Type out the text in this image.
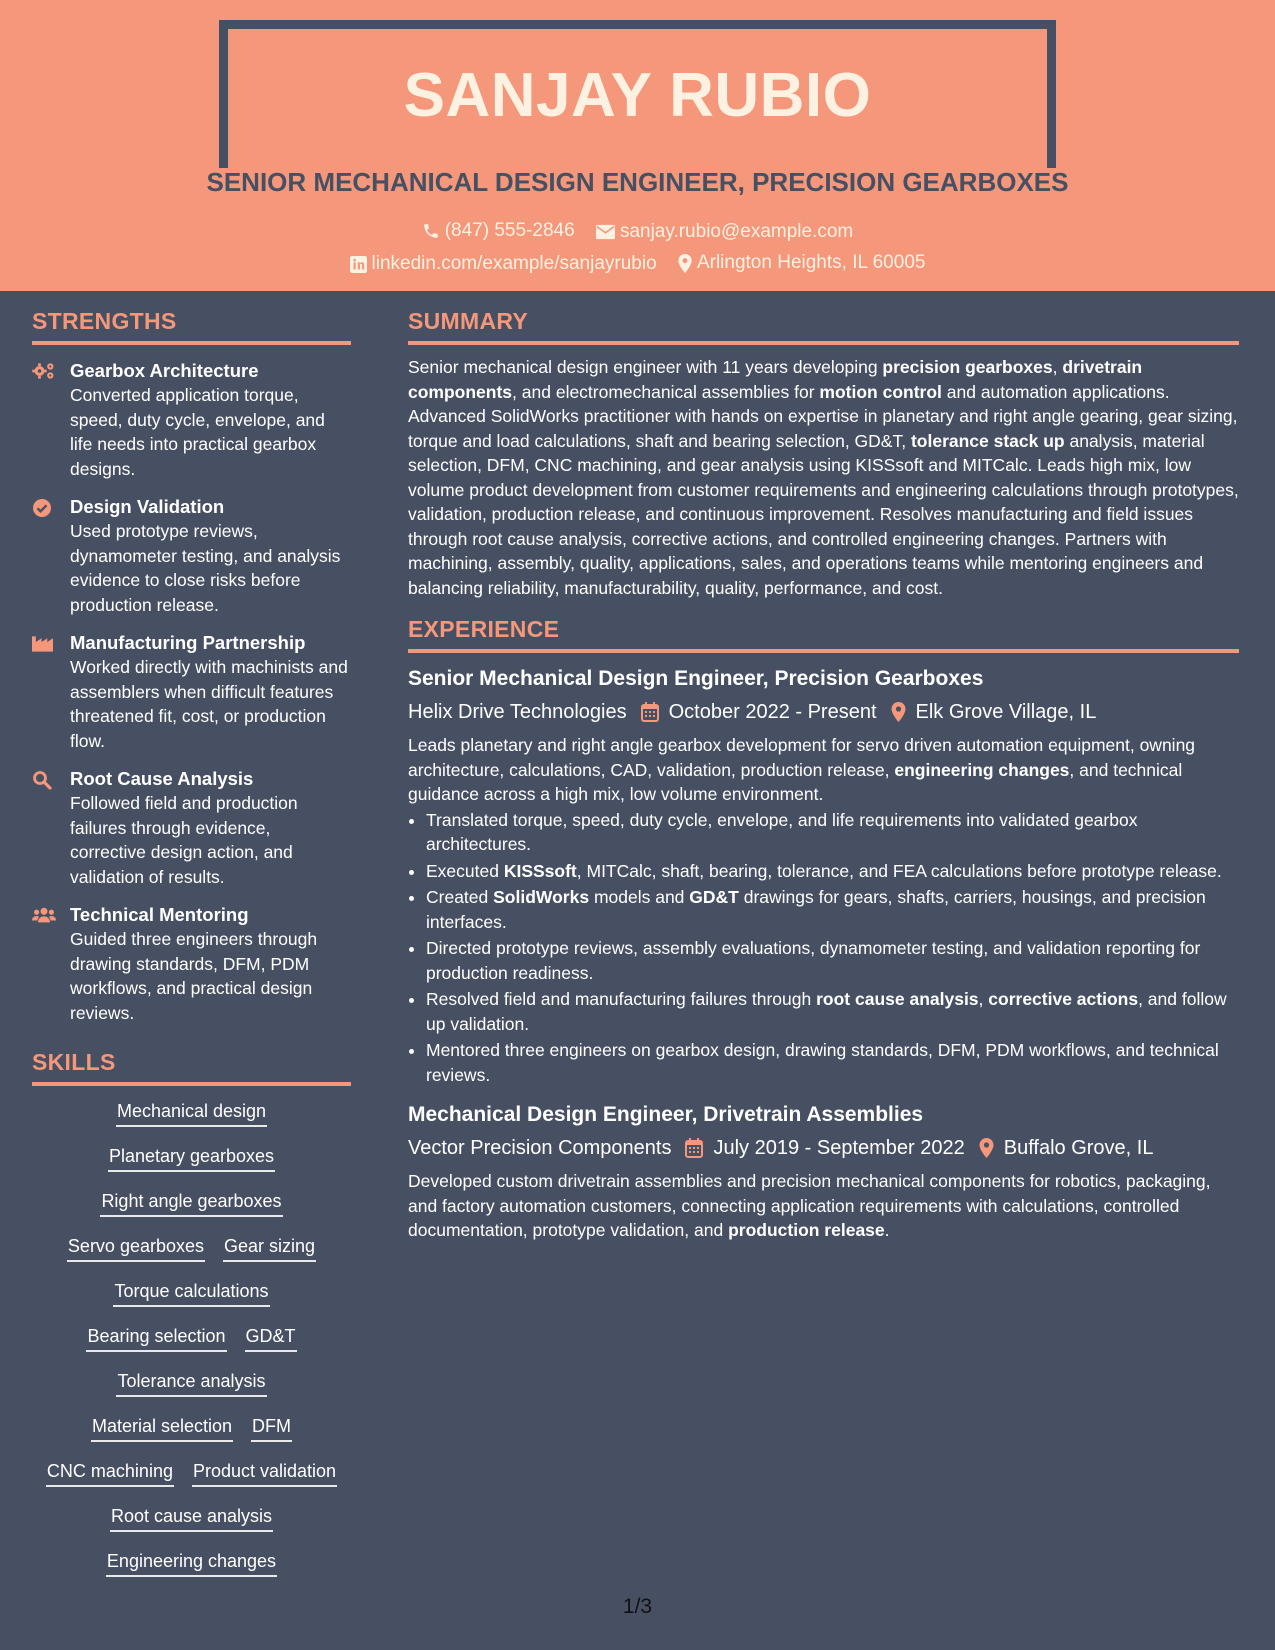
SANJAY RUBIO
SENIOR MECHANICAL DESIGN ENGINEER, PRECISION GEARBOXES
(847) 555-2846
sanjay.rubio@example.com
linkedin.com/example/sanjayrubio
Arlington Heights, IL 60005
STRENGTHS
Gearbox Architecture
Converted application torque, speed, duty cycle, envelope, and life needs into practical gearbox designs.
Design Validation
Used prototype reviews, dynamometer testing, and analysis evidence to close risks before production release.
Manufacturing Partnership
Worked directly with machinists and assemblers when difficult features threatened fit, cost, or production flow.
Root Cause Analysis
Followed field and production failures through evidence, corrective design action, and validation of results.
Technical Mentoring
Guided three engineers through drawing standards, DFM, PDM workflows, and practical design reviews.
SKILLS
Mechanical design
Planetary gearboxes
Right angle gearboxes
Servo gearboxes Gear sizing
Torque calculations
Bearing selection GD&T
Tolerance analysis
Material selection DFM
CNC machining Product validation
Root cause analysis
Engineering changes
SUMMARY
Senior mechanical design engineer with 11 years developing precision gearboxes, drivetrain components, and electromechanical assemblies for motion control and automation applications. Advanced SolidWorks practitioner with hands on expertise in planetary and right angle gearing, gear sizing, torque and load calculations, shaft and bearing selection, GD&T, tolerance stack up analysis, material selection, DFM, CNC machining, and gear analysis using KISSsoft and MITCalc. Leads high mix, low volume product development from customer requirements and engineering calculations through prototypes, validation, production release, and continuous improvement. Resolves manufacturing and field issues through root cause analysis, corrective actions, and controlled engineering changes. Partners with machining, assembly, quality, applications, sales, and operations teams while mentoring engineers and balancing reliability, manufacturability, quality, performance, and cost.
EXPERIENCE
Senior Mechanical Design Engineer, Precision Gearboxes
Helix Drive Technologies October 2022 - Present Elk Grove Village, IL
Leads planetary and right angle gearbox development for servo driven automation equipment, owning architecture, calculations, CAD, validation, production release, engineering changes, and technical guidance across a high mix, low volume environment.
• Translated torque, speed, duty cycle, envelope, and life requirements into validated gearbox architectures.
• Executed KISSsoft, MITCalc, shaft, bearing, tolerance, and FEA calculations before prototype release.
• Created SolidWorks models and GD&T drawings for gears, shafts, carriers, housings, and precision interfaces.
• Directed prototype reviews, assembly evaluations, dynamometer testing, and validation reporting for production readiness.
• Resolved field and manufacturing failures through root cause analysis, corrective actions, and follow up validation.
• Mentored three engineers on gearbox design, drawing standards, DFM, PDM workflows, and technical reviews.
Mechanical Design Engineer, Drivetrain Assemblies
Vector Precision Components July 2019 - September 2022 Buffalo Grove, IL
Developed custom drivetrain assemblies and precision mechanical components for robotics, packaging, and factory automation customers, connecting application requirements with calculations, controlled documentation, prototype validation, and production release.
1/3
